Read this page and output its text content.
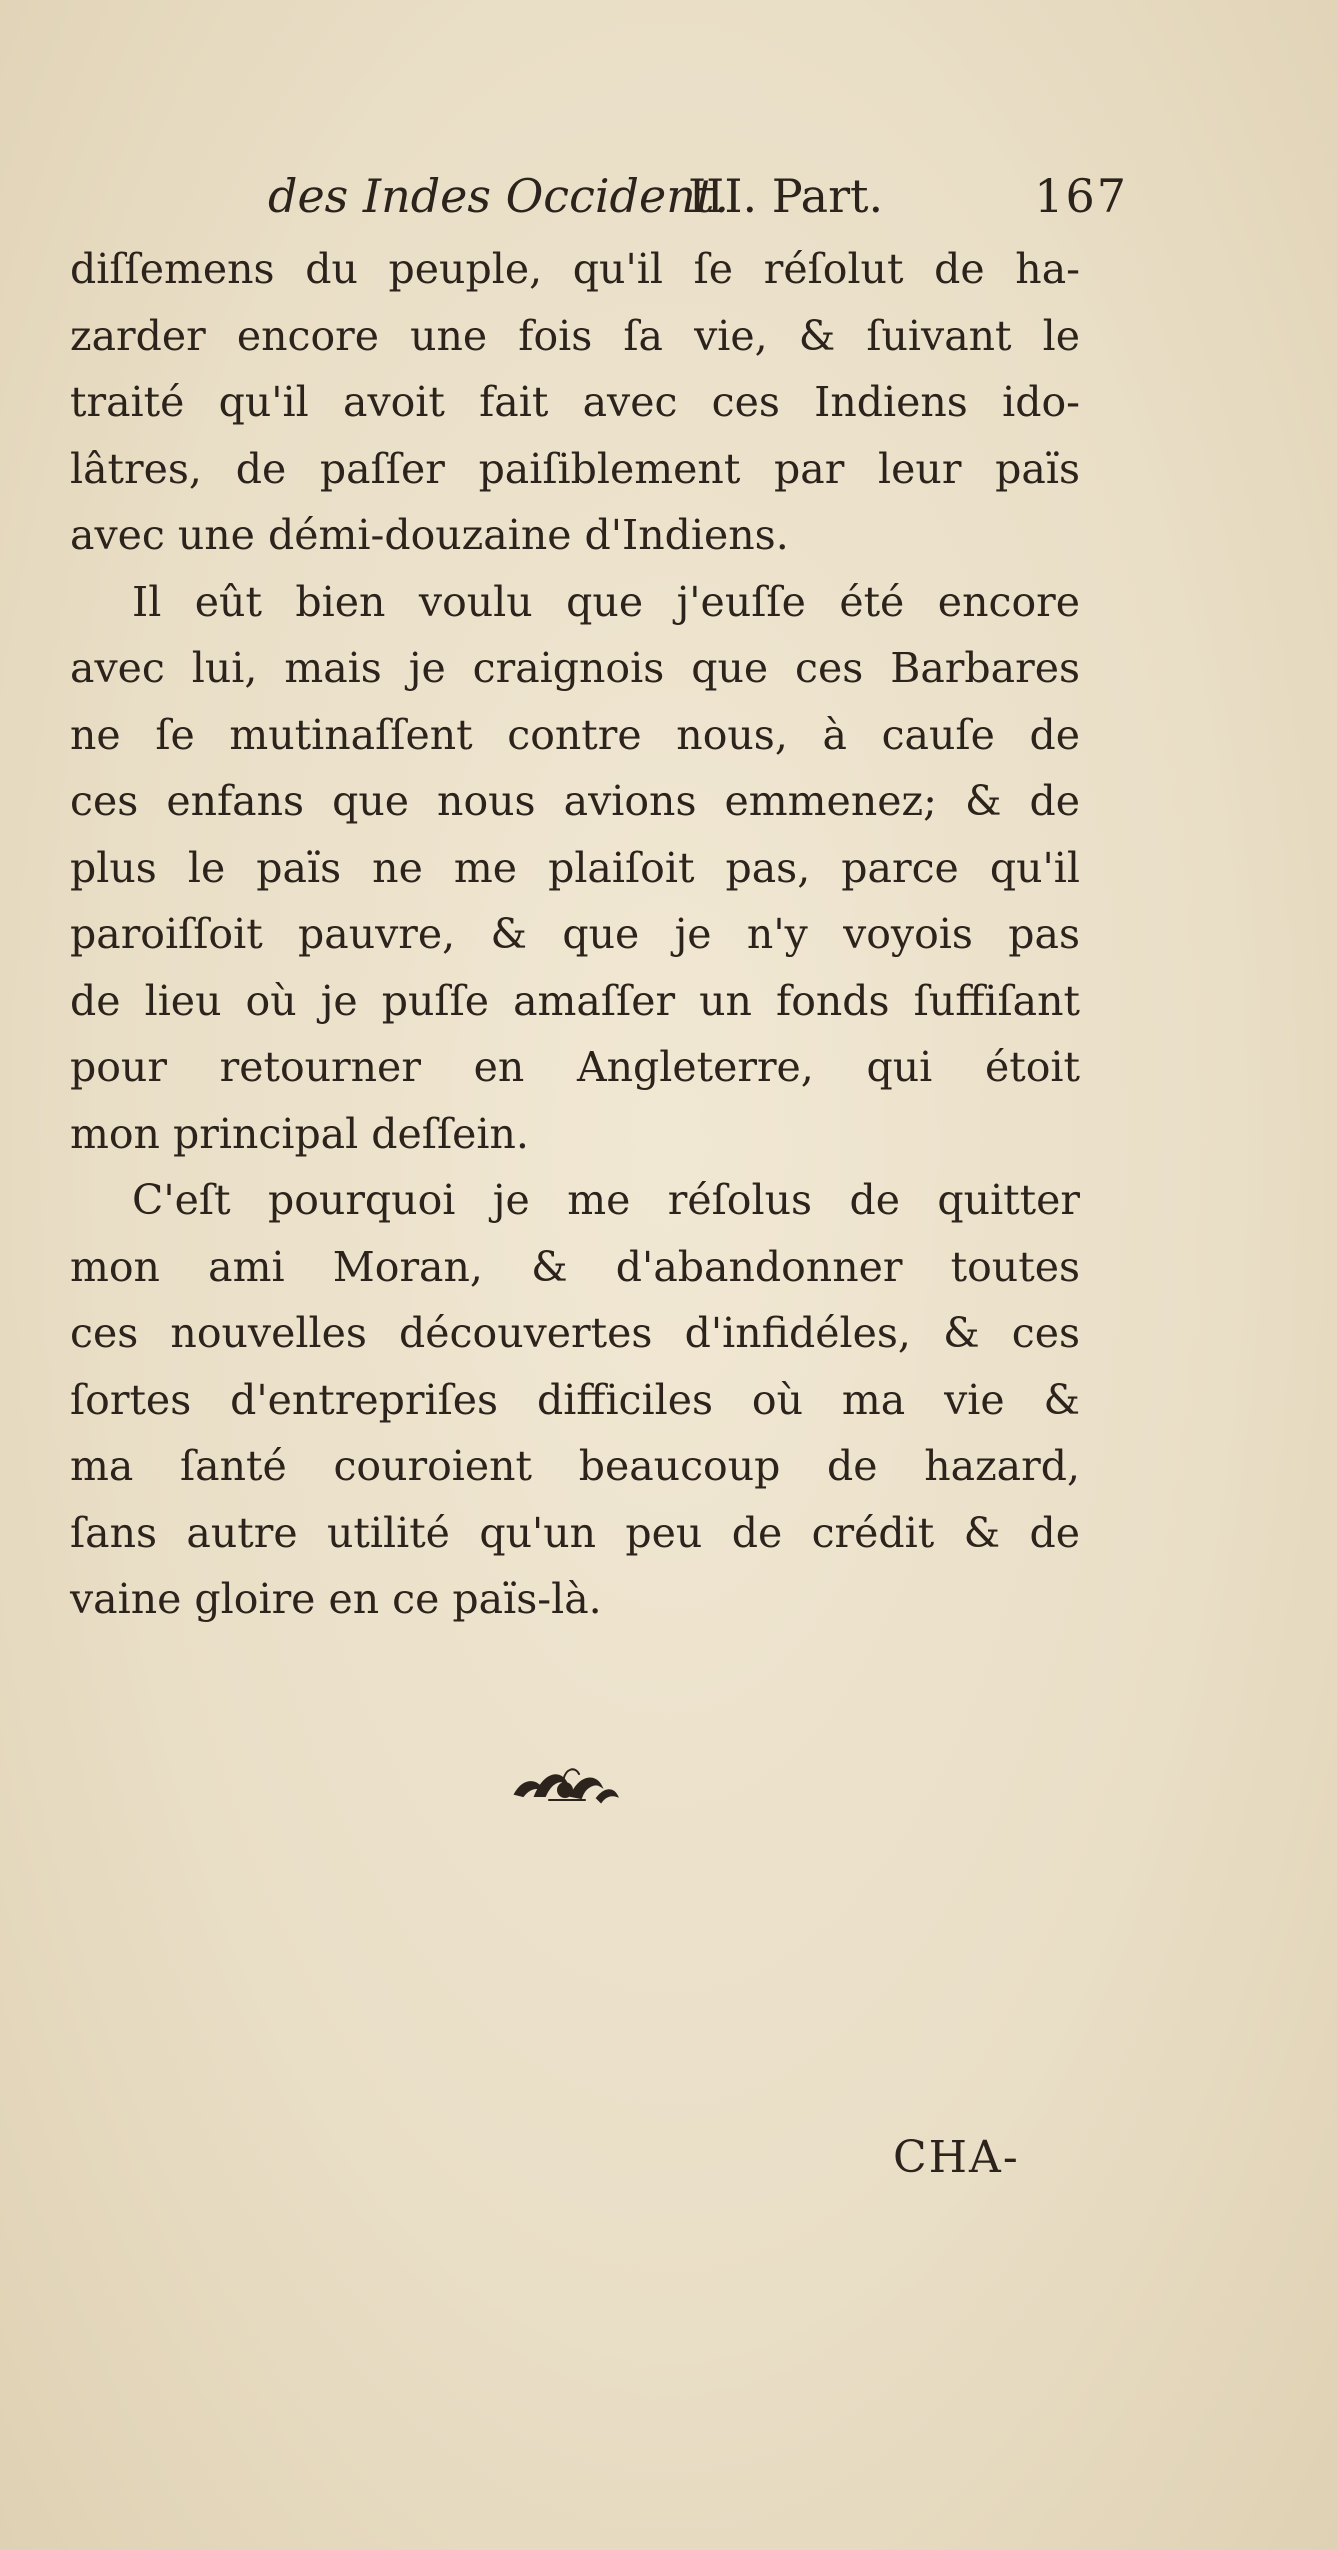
des Indes Occident.
III. Part.	167
diſſemens du peuple, qu'il ſe réſolut de ha-
zarder encore une fois ſa vie, & ſuivant le
traité qu'il avoit fait avec ces Indiens ido-
lâtres, de paſſer paiſiblement par leur païs
avec une démi-douzaine d'Indiens.
Il eût bien voulu que j'euſſe été encore
avec lui, mais je craignois que ces Barbares
ne ſe mutinaſſent contre nous, à cauſe de
ces enfans que nous avions emmenez; & de
plus le païs ne me plaiſoit pas, parce qu'il
paroiſſoit pauvre, & que je n'y voyois pas
de lieu où je puſſe amaſſer un fonds ſuffiſant
pour retourner en Angleterre, qui étoit
mon principal deſſein.
C'eſt pourquoi je me réſolus de quitter
mon ami Moran, & d'abandonner toutes
ces nouvelles découvertes d'infidéles, & ces
ſortes d'entrepriſes difficiles où ma vie &
ma ſanté couroient beaucoup de hazard,
ſans autre utilité qu'un peu de crédit & de
vaine gloire en ce païs-là.
CHA-
